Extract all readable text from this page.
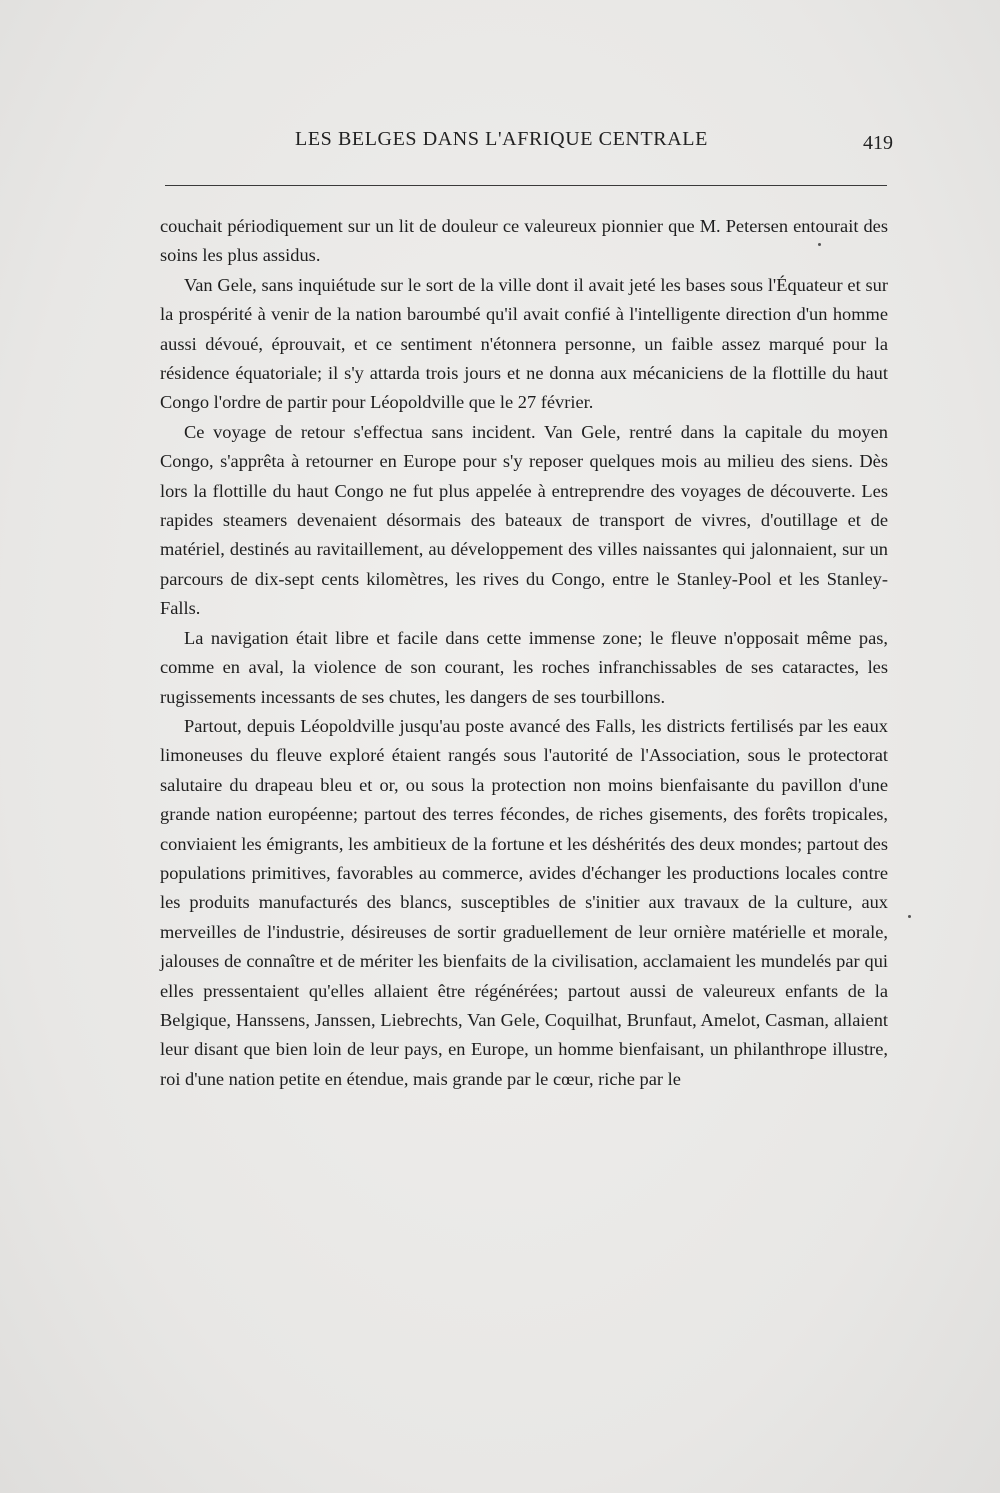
LES BELGES DANS L'AFRIQUE CENTRALE	419

couchait périodiquement sur un lit de douleur ce valeureux pionnier que M. Petersen entourait des soins les plus assidus.

Van Gele, sans inquiétude sur le sort de la ville dont il avait jeté les bases sous l'Équateur et sur la prospérité à venir de la nation baroumbé qu'il avait confié à l'intelligente direction d'un homme aussi dévoué, éprouvait, et ce sentiment n'étonnera personne, un faible assez marqué pour la résidence équatoriale; il s'y attarda trois jours et ne donna aux mécaniciens de la flottille du haut Congo l'ordre de partir pour Léopoldville que le 27 février.

Ce voyage de retour s'effectua sans incident. Van Gele, rentré dans la capitale du moyen Congo, s'apprêta à retourner en Europe pour s'y reposer quelques mois au milieu des siens. Dès lors la flottille du haut Congo ne fut plus appelée à entreprendre des voyages de découverte. Les rapides steamers devenaient désormais des bateaux de transport de vivres, d'outillage et de matériel, destinés au ravitaillement, au développement des villes naissantes qui jalonnaient, sur un parcours de dix-sept cents kilomètres, les rives du Congo, entre le Stanley-Pool et les Stanley-Falls.

La navigation était libre et facile dans cette immense zone; le fleuve n'opposait même pas, comme en aval, la violence de son courant, les roches infranchissables de ses cataractes, les rugissements incessants de ses chutes, les dangers de ses tourbillons.

Partout, depuis Léopoldville jusqu'au poste avancé des Falls, les districts fertilisés par les eaux limoneuses du fleuve exploré étaient rangés sous l'autorité de l'Association, sous le protectorat salutaire du drapeau bleu et or, ou sous la protection non moins bienfaisante du pavillon d'une grande nation européenne; partout des terres fécondes, de riches gisements, des forêts tropicales, conviaient les émigrants, les ambitieux de la fortune et les déshérités des deux mondes; partout des populations primitives, favorables au commerce, avides d'échanger les productions locales contre les produits manufacturés des blancs, susceptibles de s'initier aux travaux de la culture, aux merveilles de l'industrie, désireuses de sortir graduellement de leur ornière matérielle et morale, jalouses de connaître et de mériter les bienfaits de la civilisation, acclamaient les mundelés par qui elles pressentaient qu'elles allaient être régénérées; partout aussi de valeureux enfants de la Belgique, Hanssens, Janssen, Liebrechts, Van Gele, Coquilhat, Brunfaut, Amelot, Casman, allaient leur disant que bien loin de leur pays, en Europe, un homme bienfaisant, un philanthrope illustre, roi d'une nation petite en étendue, mais grande par le cœur, riche par le
